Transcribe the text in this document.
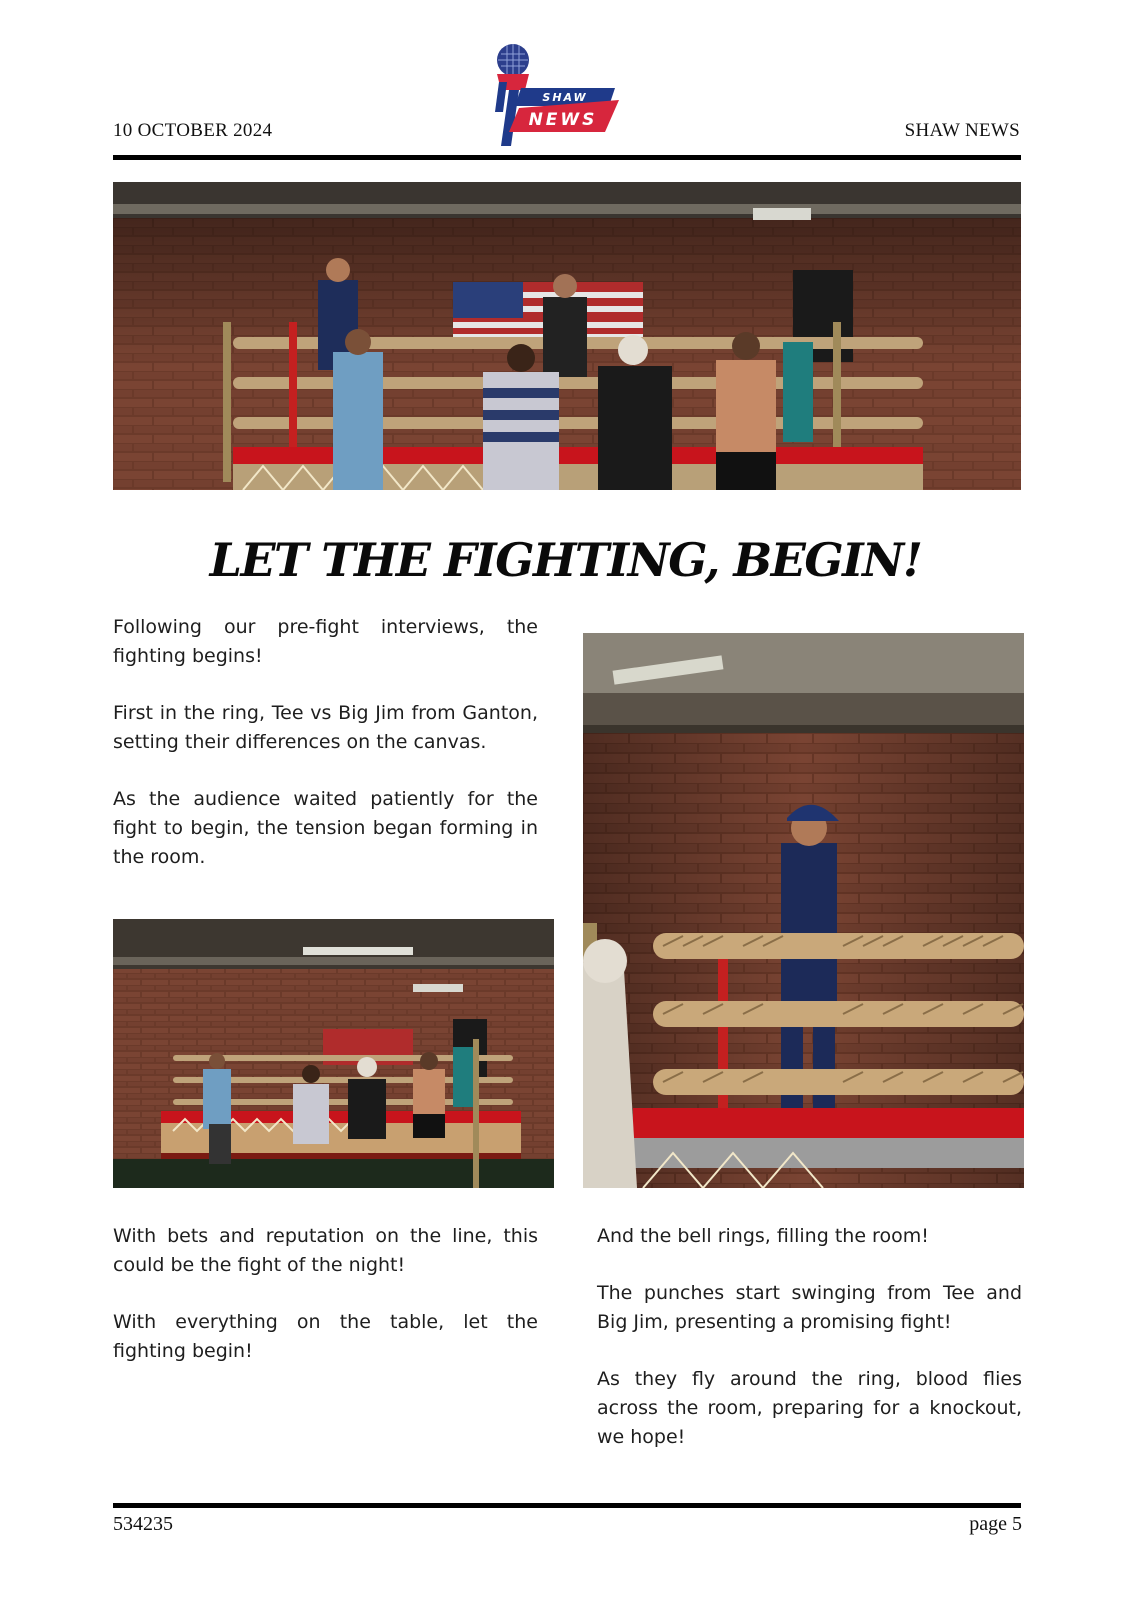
10 OCTOBER 2024
SHAW
NEWS	SHAW NEWS
LET THE FIGHTING, BEGIN!

Following our pre-fight interviews, the fighting begins!

First in the ring, Tee vs Big Jim from Ganton, setting their differences on the canvas.

As the audience waited patiently for the fight to begin, the tension began forming in the room.

With bets and reputation on the line, this could be the fight of the night!

With everything on the table, let the fighting begin!

And the bell rings, filling the room!

The punches start swinging from Tee and Big Jim, presenting a promising fight!

As they fly around the ring, blood flies across the room, preparing for a knockout, we hope!

534235	page 5
